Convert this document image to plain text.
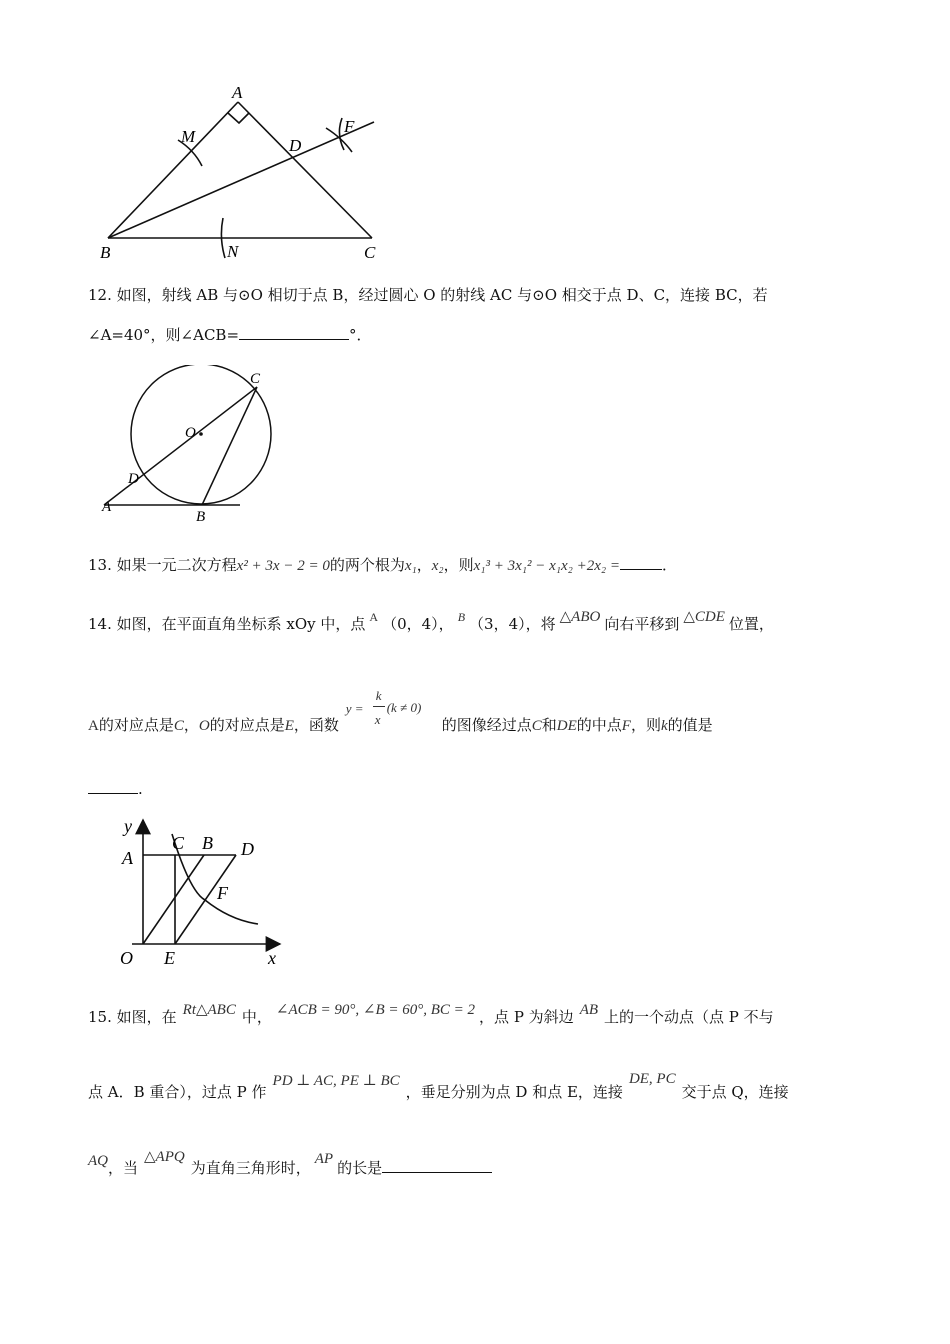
A
M	D
F
B	N	C
12. 如图，射线 AB 与⊙O 相切于点 B，经过圆心 O 的射线 AC 与⊙O 相交于点 D、C，连接 BC，若
∠A=40°，则∠ACB=	°．
C
O
D
A
B
13. 如果一元二次方程x² + 3x − 2 = 0的两个根为x₁，x₂，则x₁³ + 3x₁² − x₁x₂ +2x₂ =	．
14. 如图，在平面直角坐标系 xOy 中，点 $^A$ （0，4）， $^B$ （3，4），将 △ABO 向右平移到 △CDE 位置，
A的对应点是C，O的对应点是E，函数
y =
k
x
(k ≠ 0)
的图像经过点C和DE的中点F，则k的值是
.
y
C B D
A
F
O E	x
15. 如图，在 Rt△ABC 中， ∠ACB = 90°, ∠B = 60°, BC = 2 ，点 P 为斜边 AB 上的一个动点（点 P 不与
点 A．B 重合），过点 P 作PD ⊥ AC, PE ⊥ BC，垂足分别为点 D 和点 E，连接DE, PC交于点 Q，连接
AQ，当△APQ为直角三角形时， AP 的长是
